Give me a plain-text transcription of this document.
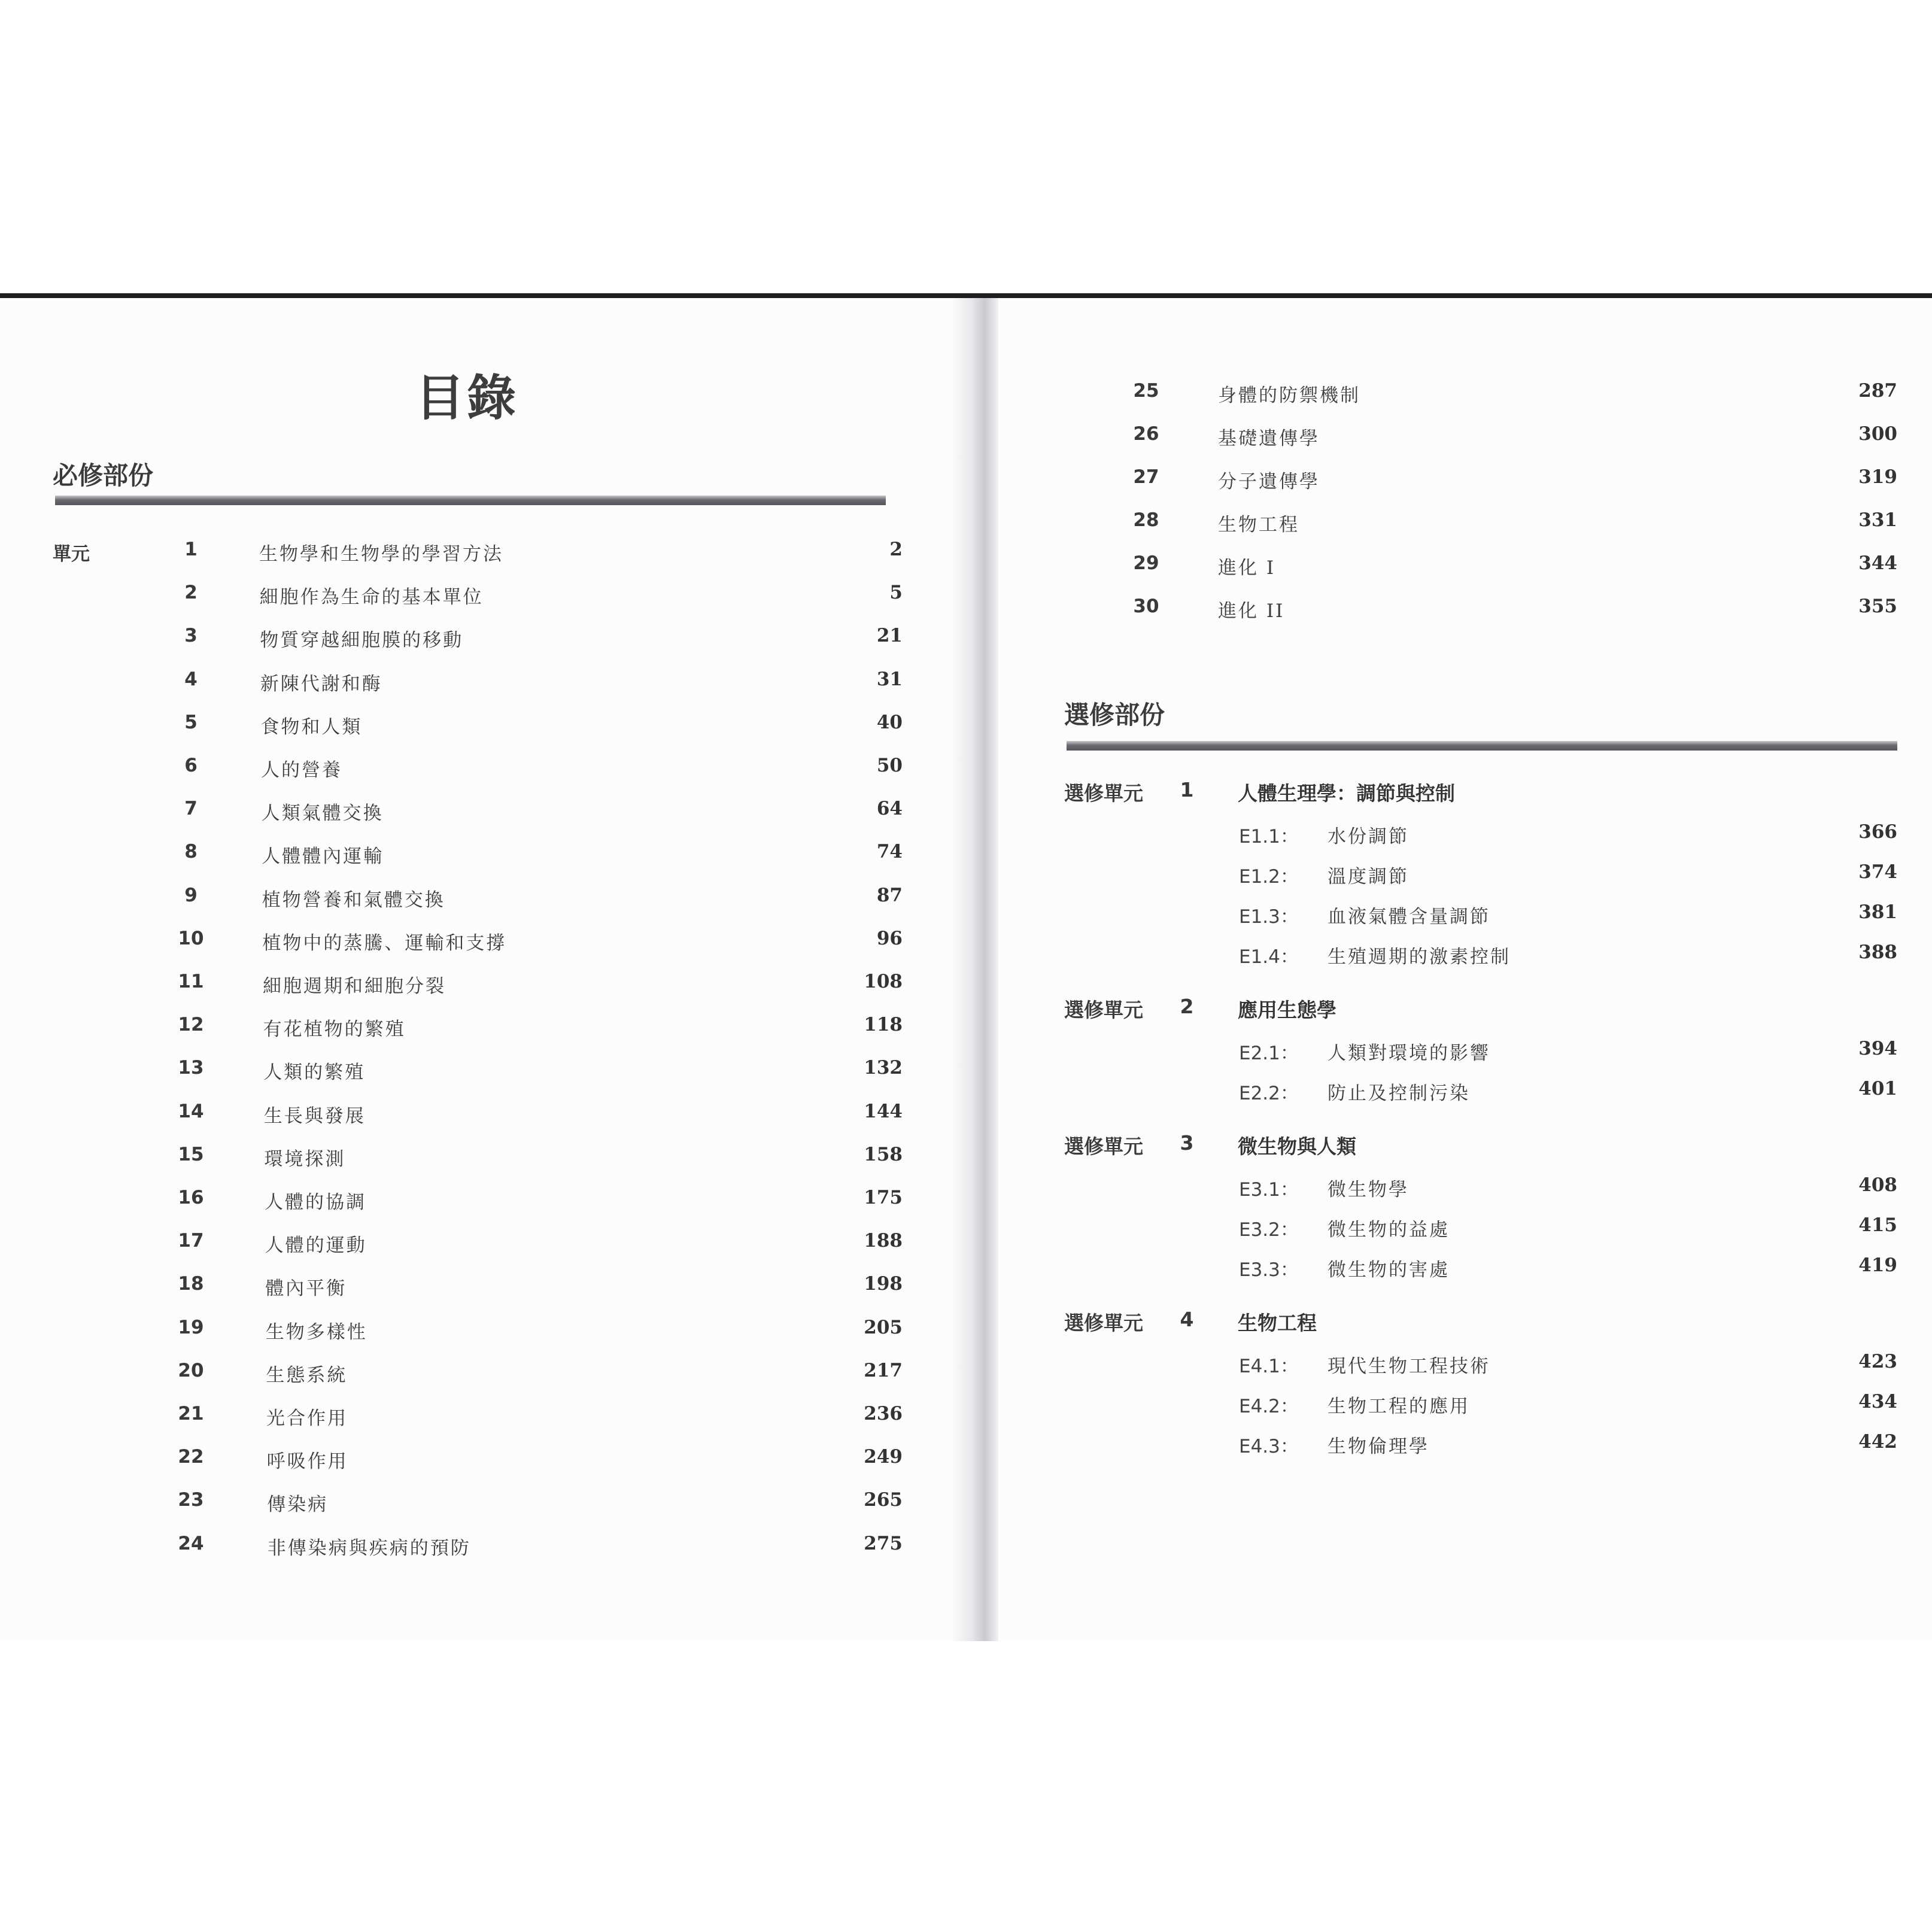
目錄
必修部份
單元	1	生物學和生物學的學習方法	2
2	細胞作為生命的基本單位	5
3	物質穿越細胞膜的移動	21
4	新陳代謝和酶	31
5	食物和人類	40
6	人的營養	50
7	人類氣體交換	64
8	人體體內運輸	74
9	植物營養和氣體交換	87
10	植物中的蒸騰、運輸和支撐	96
11	細胞週期和細胞分裂	108
12	有花植物的繁殖	118
13	人類的繁殖	132
14	生長與發展	144
15	環境探測	158
16	人體的協調	175
17	人體的運動	188
18	體內平衡	198
19	生物多樣性	205
20	生態系統	217
21	光合作用	236
22	呼吸作用	249
23	傳染病	265
24	非傳染病與疾病的預防	275
25	身體的防禦機制	287
26	基礎遺傳學	300
27	分子遺傳學	319
28	生物工程	331
29	進化 I	344
30	進化 II	355
選修部份
選修單元 1 人體生理學：調節與控制
E1.1： 水份調節	366
E1.2： 溫度調節	374
E1.3： 血液氣體含量調節	381
E1.4： 生殖週期的激素控制	388
選修單元 2 應用生態學
E2.1： 人類對環境的影響	394
E2.2： 防止及控制污染	401
選修單元 3 微生物與人類
E3.1： 微生物學	408
E3.2： 微生物的益處	415
E3.3： 微生物的害處	419
選修單元 4 生物工程
E4.1： 現代生物工程技術	423
E4.2： 生物工程的應用	434
E4.3： 生物倫理學	442
